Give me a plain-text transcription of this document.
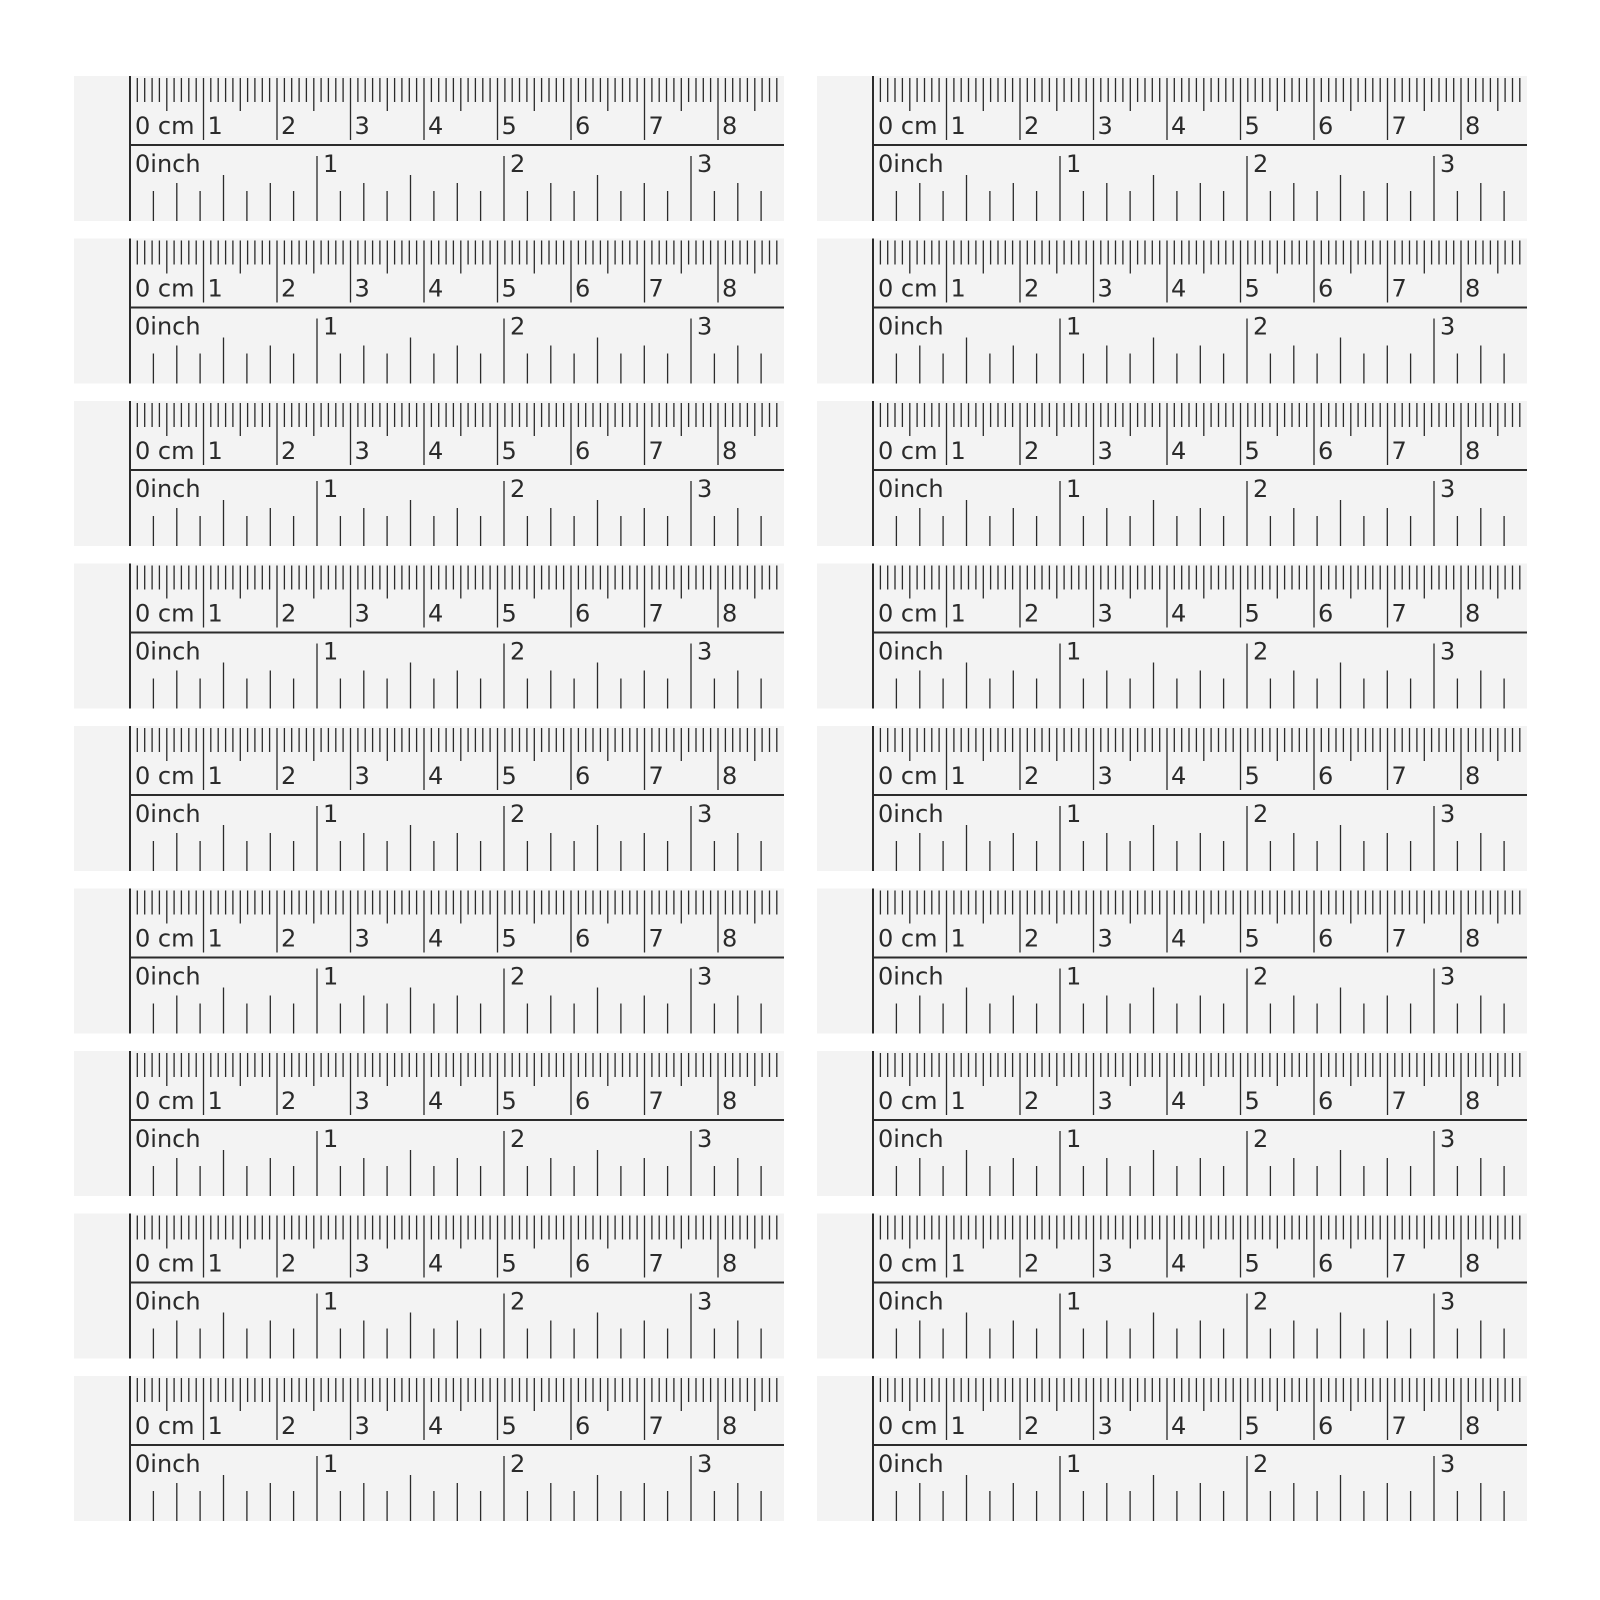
0 cm 1 2 3 4 5 6 7 8
0inch	1	2	3
0 cm 1 2 3 4 5 6 7 8
0inch	1	2	3
0 cm 1 2 3 4 5 6 7 8
0inch	1	2	3
0 cm 1 2 3 4 5 6 7 8
0inch	1	2	3
0 cm 1 2 3 4 5 6 7 8
0inch	1	2	3
0 cm 1 2 3 4 5 6 7 8
0inch	1	2	3
0 cm 1 2 3 4 5 6 7 8
0inch	1	2	3
0 cm 1 2 3 4 5 6 7 8
0inch	1	2	3
0 cm 1 2 3 4 5 6 7 8
0inch	1	2	3
0 cm 1 2 3 4 5 6 7 8
0inch	1	2	3
0 cm 1 2 3 4 5 6 7 8
0inch	1	2	3
0 cm 1 2 3 4 5 6 7 8
0inch	1	2	3
0 cm 1 2 3 4 5 6 7 8
0inch	1	2	3
0 cm 1 2 3 4 5 6 7 8
0inch	1	2	3
0 cm 1 2 3 4 5 6 7 8
0inch	1	2	3
0 cm 1 2 3 4 5 6 7 8
0inch	1	2	3
0 cm 1 2 3 4 5 6 7 8
0inch	1	2	3
0 cm 1 2 3 4 5 6 7 8
0inch	1	2	3
